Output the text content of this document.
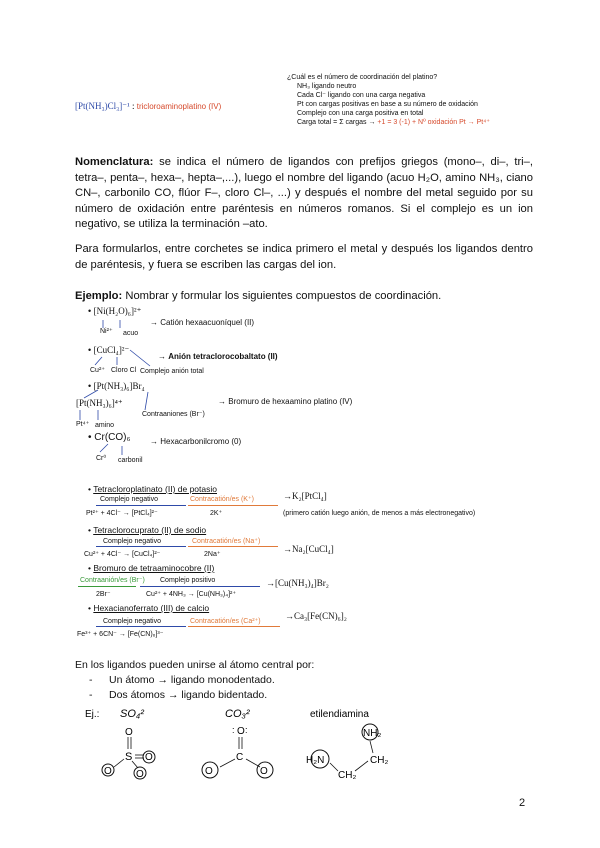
[Pt(NH₃)Cl₃]⁻¹ : tricloroaminoplatino (IV)
¿Cuál es el número de coordinación del platino?
NH₃ ligando neutro
Cada Cl⁻ ligando con una carga negativa
Pt con cargas positivas en base a su número de oxidación
Complejo con una carga positiva en total
Carga total = Σ cargas → +1 = 3 (-1) + Nº oxidación Pt → Pt⁴⁺
Nomenclatura: se indica el número de ligandos con prefijos griegos (mono–, di–, tri–, tetra–, penta–, hexa–, hepta–,...), luego el nombre del ligando (acuo H₂O, amino NH₃, ciano CN–, carbonilo CO, flúor F–, cloro Cl–, ...) y después el nombre del metal seguido por su número de oxidación entre paréntesis en números romanos. Si el complejo es un ion negativo, se utiliza la terminación –ato.
Para formularlos, entre corchetes se indica primero el metal y después los ligandos dentro de paréntesis, y fuera se escriben las cargas del ion.
Ejemplo: Nombrar y formular los siguientes compuestos de coordinación.
• [Ni(H₂O)₆]²⁺
→ Catión hexaacuoníquel (II)
Ni²⁺ acuo
• [CuCl₄]²⁻
→ Anión tetraclorocobaltato (II)
Cu²⁺ Cloro Cl Complejo anión total
• [Pt(NH₃)₆]Br₄
[Pt(NH₃)₆]⁴⁺	→ Bromuro de hexaamino platino (IV)
Pt⁴⁺ amino
Contraaniones (Br⁻)
• Cr(CO)₆ → Hexacarbonilcromo (0)
Cr⁰ carbonil
• Tetracloroplatinato (II) de potasio
Complejo negativo	Contracatión/es (K⁺)
Pt²⁺ + 4Cl⁻ → [PtCl₄]²⁻	2K⁺
→K₂[PtCl₄]
(primero catión luego anión, de menos a más electronegativo)
• Tetraclorocuprato (II) de sodio
Complejo negativo	Contracatión/es (Na⁺)
Cu²⁺ + 4Cl⁻ → [CuCl₄]²⁻	2Na⁺
→Na₂[CuCl₄]
• Bromuro de tetraaminocobre (II)
Contraanión/es (Br⁻) Complejo positivo
2Br⁻	Cu²⁺ + 4NH₃ → [Cu(NH₃)₄]²⁺
→[Cu(NH₃)₄]Br₂
• Hexacianoferrato (III) de calcio
Complejo negativo	Contracatión/es (Ca²⁺)
Fe³⁺ + 6CN⁻ → [Fe(CN)₆]³⁻
→Ca₃[Fe(CN)₆]₂
En los ligandos pueden unirse al átomo central por:
- Un átomo → ligando monodentado.
- Dos átomos → ligando bidentado.
Ej.: SO₄²	CO₃²	etilendiamina
O
S O
O O
: O :
C
O	O
NH₂
CH₂
CH₂
H₂N
2
